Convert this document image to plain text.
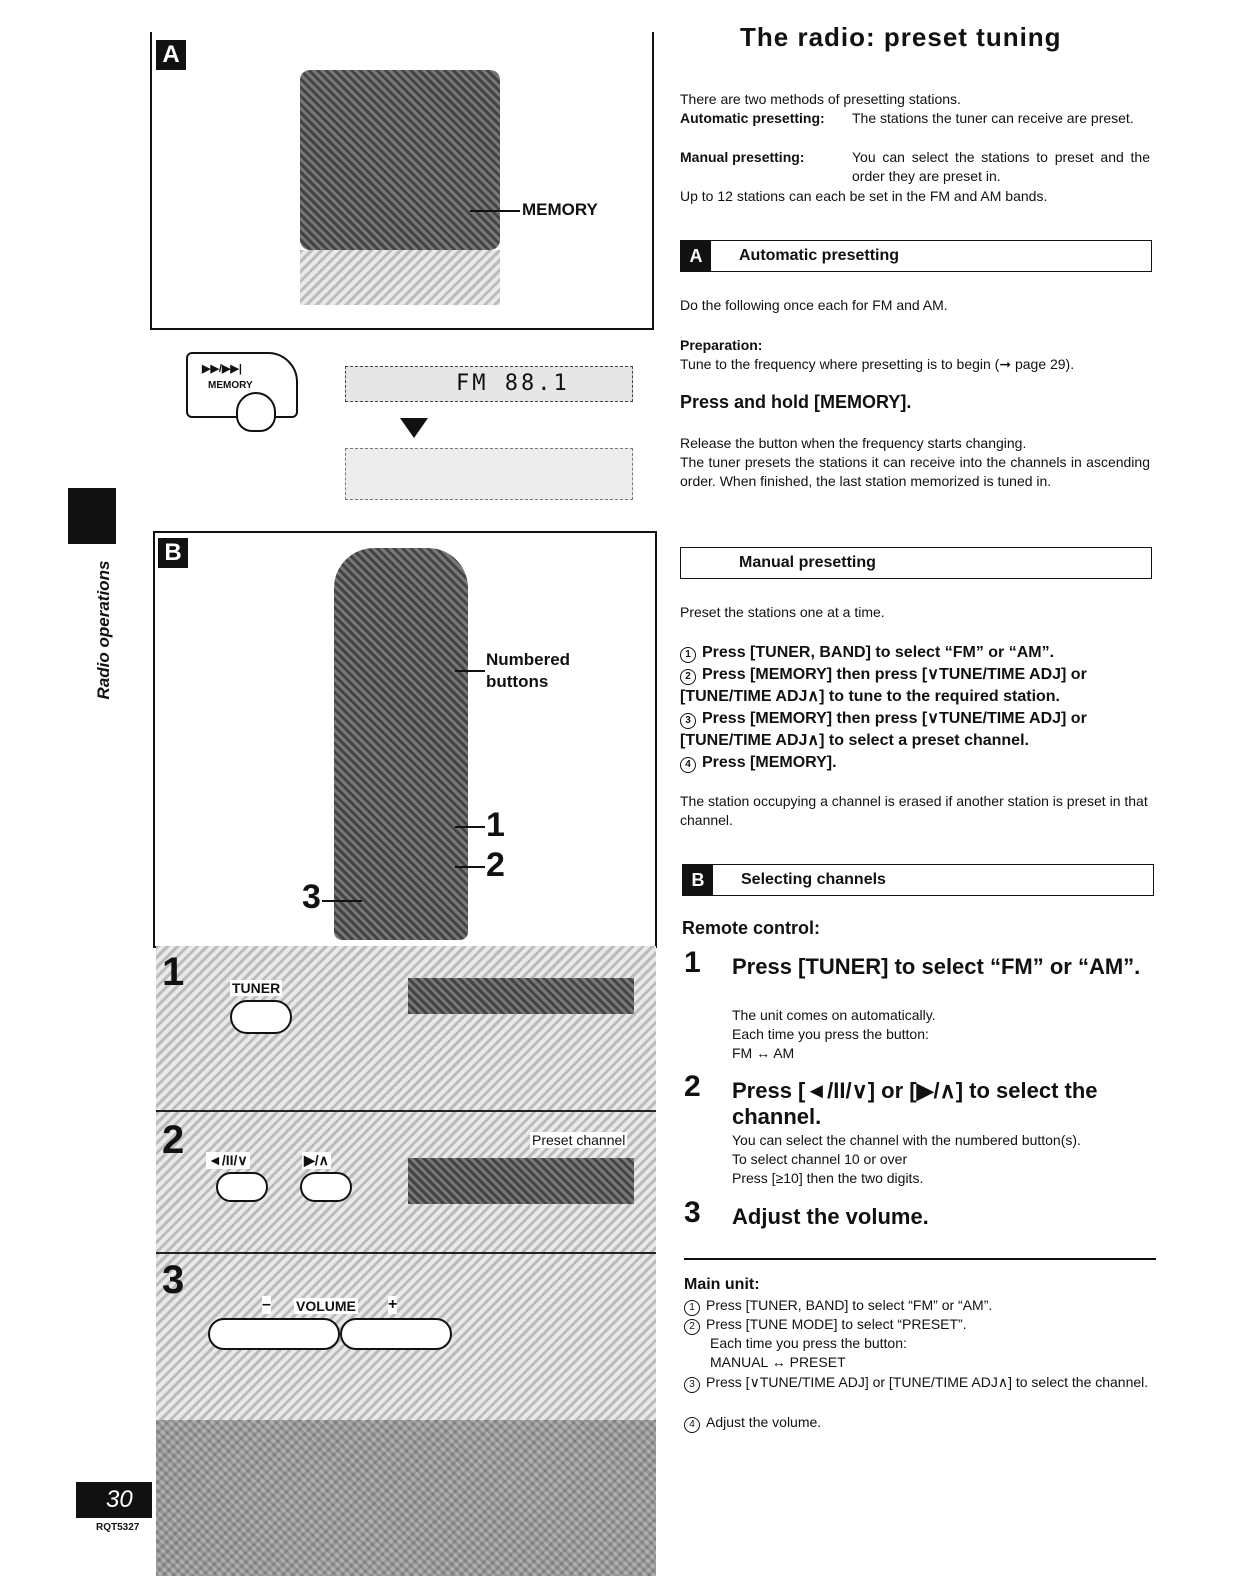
A
MEMORY
▶▶/▶▶|
MEMORY	FM 88.1
Radio operations
B
Numbered
buttons
1
2
3
1	TUNER
2 ◄/II/∨	▶/∧
Preset channel
3
– VOLUME +
30
RQT5327
The radio: preset tuning
There are two methods of presetting stations.
Automatic presetting: The stations the tuner can receive are preset.
Manual presetting:	You can select the stations to preset and the order they are preset in.
Up to 12 stations can each be set in the FM and AM bands.
A	Automatic presetting
Do the following once each for FM and AM.
Preparation:
Tune to the frequency where presetting is to begin (➞ page 29).
Press and hold [MEMORY].
Release the button when the frequency starts changing.
The tuner presets the stations it can receive into the channels in ascending order. When finished, the last station memorized is tuned in.
Manual presetting
Preset the stations one at a time.
1 Press [TUNER, BAND] to select “FM” or “AM”.
2 Press [MEMORY] then press [∨TUNE/TIME ADJ] or [TUNE/TIME ADJ∧] to tune to the required station.
3 Press [MEMORY] then press [∨TUNE/TIME ADJ] or [TUNE/TIME ADJ∧] to select a preset channel.
4 Press [MEMORY].
The station occupying a channel is erased if another station is preset in that channel.
B	Selecting channels
Remote control:
1 Press [TUNER] to select “FM” or “AM”.
The unit comes on automatically.
Each time you press the button:
FM ↔ AM
2 Press [◄/II/∨] or [▶/∧] to select the channel.
You can select the channel with the numbered button(s).
To select channel 10 or over
Press [≥10] then the two digits.
3 Adjust the volume.
Main unit:
1 Press [TUNER, BAND] to select “FM” or “AM”.
2 Press [TUNE MODE] to select “PRESET”.
Each time you press the button:
MANUAL ↔ PRESET
3 Press [∨TUNE/TIME ADJ] or [TUNE/TIME ADJ∧] to select the channel.
4 Adjust the volume.
